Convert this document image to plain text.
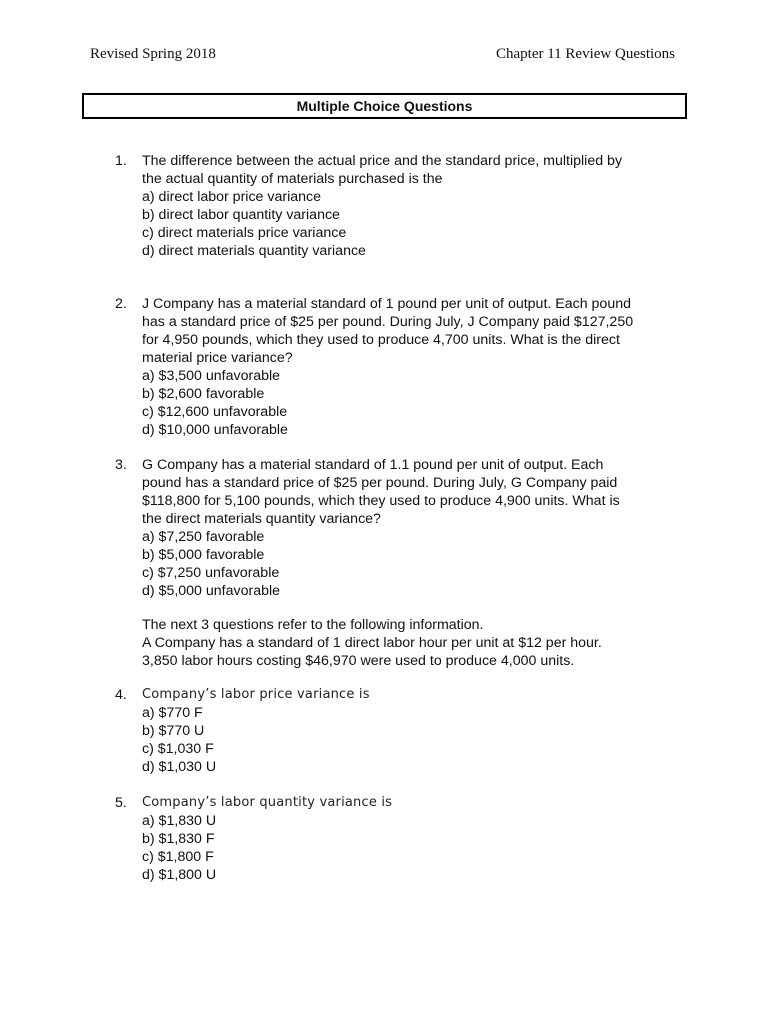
Revised Spring 2018	Chapter 11 Review Questions
Multiple Choice Questions
1. The difference between the actual price and the standard price, multiplied by
the actual quantity of materials purchased is the
a) direct labor price variance
b) direct labor quantity variance
c) direct materials price variance
d) direct materials quantity variance
2. J Company has a material standard of 1 pound per unit of output. Each pound
has a standard price of $25 per pound. During July, J Company paid $127,250
for 4,950 pounds, which they used to produce 4,700 units. What is the direct
material price variance?
a) $3,500 unfavorable
b) $2,600 favorable
c) $12,600 unfavorable
d) $10,000 unfavorable
3. G Company has a material standard of 1.1 pound per unit of output. Each
pound has a standard price of $25 per pound. During July, G Company paid
$118,800 for 5,100 pounds, which they used to produce 4,900 units. What is
the direct materials quantity variance?
a) $7,250 favorable
b) $5,000 favorable
c) $7,250 unfavorable
d) $5,000 unfavorable
The next 3 questions refer to the following information.
A Company has a standard of 1 direct labor hour per unit at $12 per hour.
3,850 labor hours costing $46,970 were used to produce 4,000 units.
4. Company’s labor price variance is
a) $770 F
b) $770 U
c) $1,030 F
d) $1,030 U
5. Company’s labor quantity variance is
a) $1,830 U
b) $1,830 F
c) $1,800 F
d) $1,800 U
